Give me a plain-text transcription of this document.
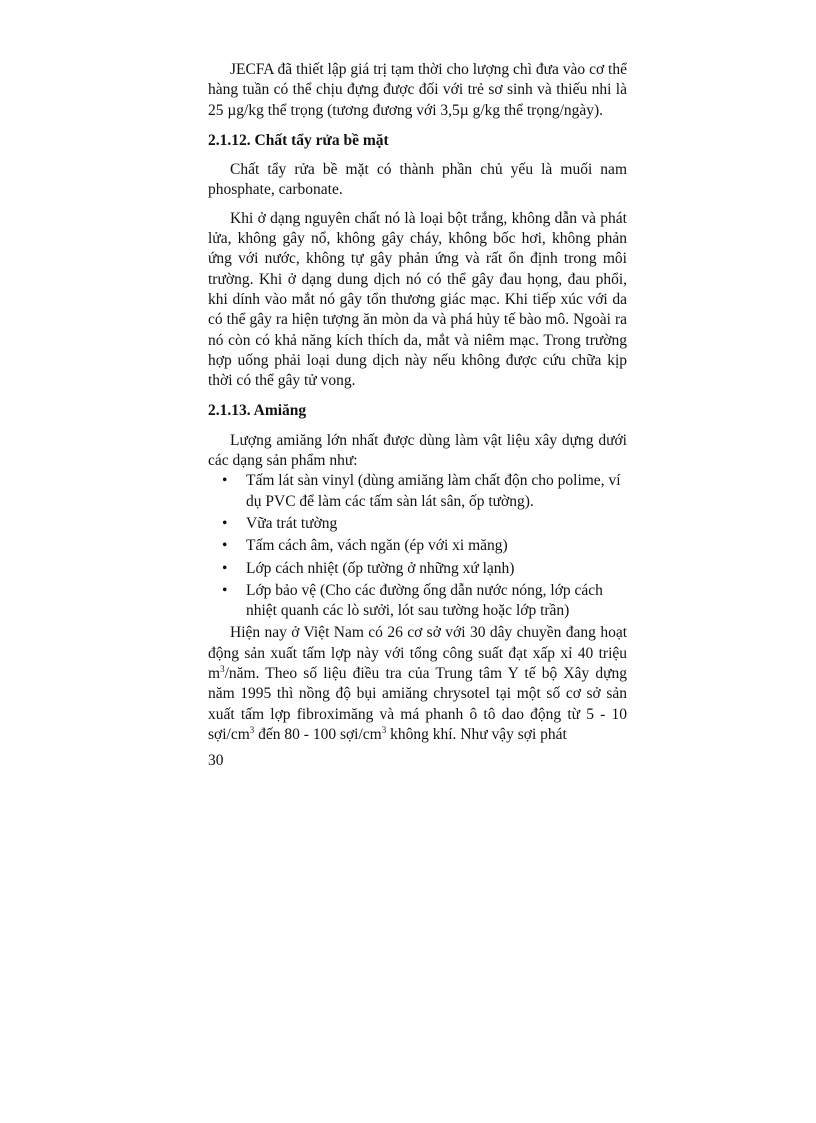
JECFA đã thiết lập giá trị tạm thời cho lượng chì đưa vào cơ thể hàng tuần có thể chịu đựng được đối với trẻ sơ sinh và thiếu nhi là 25 µg/kg thể trọng (tương đương với 3,5µ g/kg thể trọng/ngày).

2.1.12. Chất tẩy rửa bề mặt

Chất tẩy rửa bề mặt có thành phần chủ yếu là muối nam phosphate, carbonate.

Khi ở dạng nguyên chất nó là loại bột trắng, không dẫn và phát lửa, không gây nổ, không gây cháy, không bốc hơi, không phản ứng với nước, không tự gây phản ứng và rất ổn định trong môi trường. Khi ở dạng dung dịch nó có thể gây đau họng, đau phổi, khi dính vào mắt nó gây tổn thương giác mạc. Khi tiếp xúc với da có thể gây ra hiện tượng ăn mòn da và phá hủy tế bào mô. Ngoài ra nó còn có khả năng kích thích da, mắt và niêm mạc. Trong trường hợp uống phải loại dung dịch này nếu không được cứu chữa kịp thời có thể gây tử vong.

2.1.13. Amiăng

Lượng amiăng lớn nhất được dùng làm vật liệu xây dựng dưới các dạng sản phẩm như:

• Tấm lát sàn vinyl (dùng amiăng làm chất độn cho polime, ví dụ PVC để làm các tấm sàn lát sân, ốp tường).
• Vữa trát tường
• Tấm cách âm, vách ngăn (ép với xi măng)
• Lớp cách nhiệt (ốp tường ở những xứ lạnh)
• Lớp bảo vệ (Cho các đường ống dẫn nước nóng, lớp cách nhiệt quanh các lò sưởi, lót sau tường hoặc lớp trần)

Hiện nay ở Việt Nam có 26 cơ sở với 30 dây chuyền đang hoạt động sản xuất tấm lợp này với tổng công suất đạt xấp xỉ 40 triệu $m^3$/năm. Theo số liệu điều tra của Trung tâm Y tế bộ Xây dựng năm 1995 thì nồng độ bụi amiăng chrysotel tại một số cơ sở sản xuất tấm lợp fibroximăng và má phanh ô tô dao động từ 5 - 10 sợi/$cm^3$ đến 80 - 100 sợi/$cm^3$ không khí. Như vậy sợi phát

30
